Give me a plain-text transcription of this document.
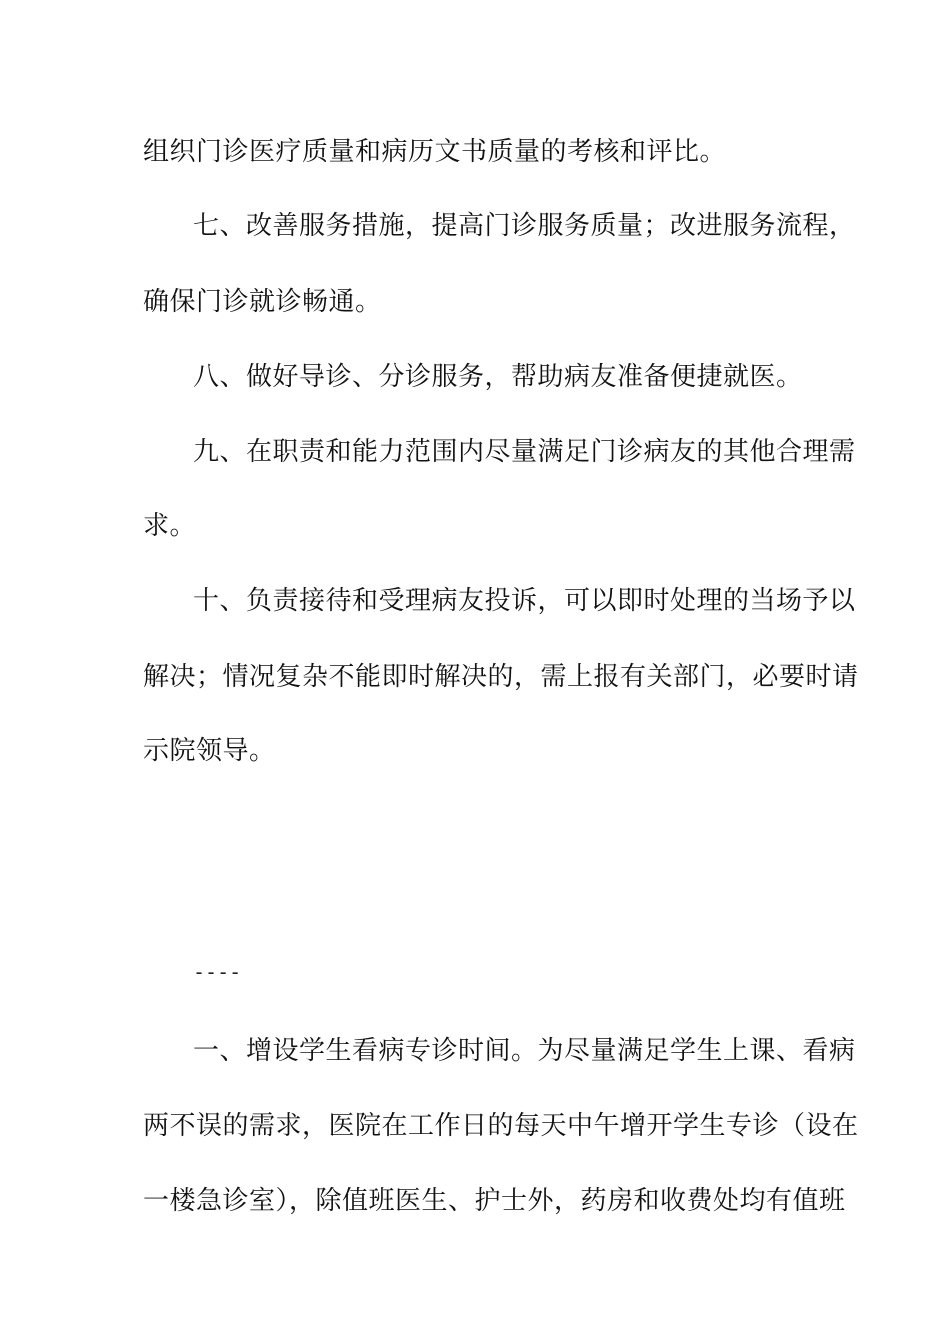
组织门诊医疗质量和病历文书质量的考核和评比。
七、改善服务措施，提高门诊服务质量；改进服务流程，
确保门诊就诊畅通。
八、做好导诊、分诊服务，帮助病友准备便捷就医。
九、在职责和能力范围内尽量满足门诊病友的其他合理需
求。
十、负责接待和受理病友投诉，可以即时处理的当场予以
解决；情况复杂不能即时解决的，需上报有关部门，必要时请
示院领导。
----
一、增设学生看病专诊时间。为尽量满足学生上课、看病
两不误的需求，医院在工作日的每天中午增开学生专诊（设在
一楼急诊室），除值班医生、护士外，药房和收费处均有值班
